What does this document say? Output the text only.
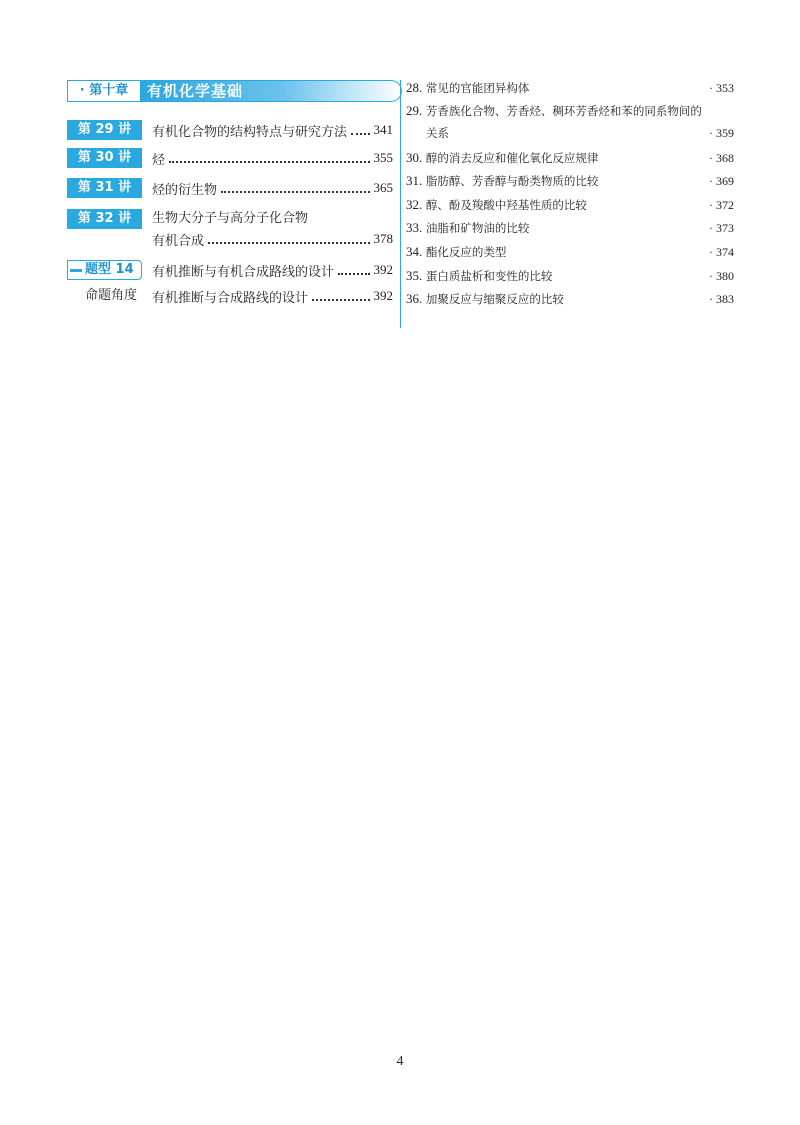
· 第十章	有机化学基础
第 29 讲	有机化合物的结构特点与研究方法 341
第 30 讲	烃	355
第 31 讲	烃的衍生物	365
第 32 讲	生物大分子与高分子化合物
有机合成	378
题型 14 有机推断与有机合成路线的设计	392
命题角度 有机推断与合成路线的设计	392
28. 常见的官能团异构体	· 353
29. 芳香族化合物、芳香烃、稠环芳香烃和苯的同系物间的
关系	· 359
30. 醇的消去反应和催化氧化反应规律	· 368
31. 脂肪醇、芳香醇与酚类物质的比较	· 369
32. 醇、酚及羧酸中羟基性质的比较	· 372
33. 油脂和矿物油的比较	· 373
34. 酯化反应的类型	· 374
35. 蛋白质盐析和变性的比较	· 380
36. 加聚反应与缩聚反应的比较	· 383
4
